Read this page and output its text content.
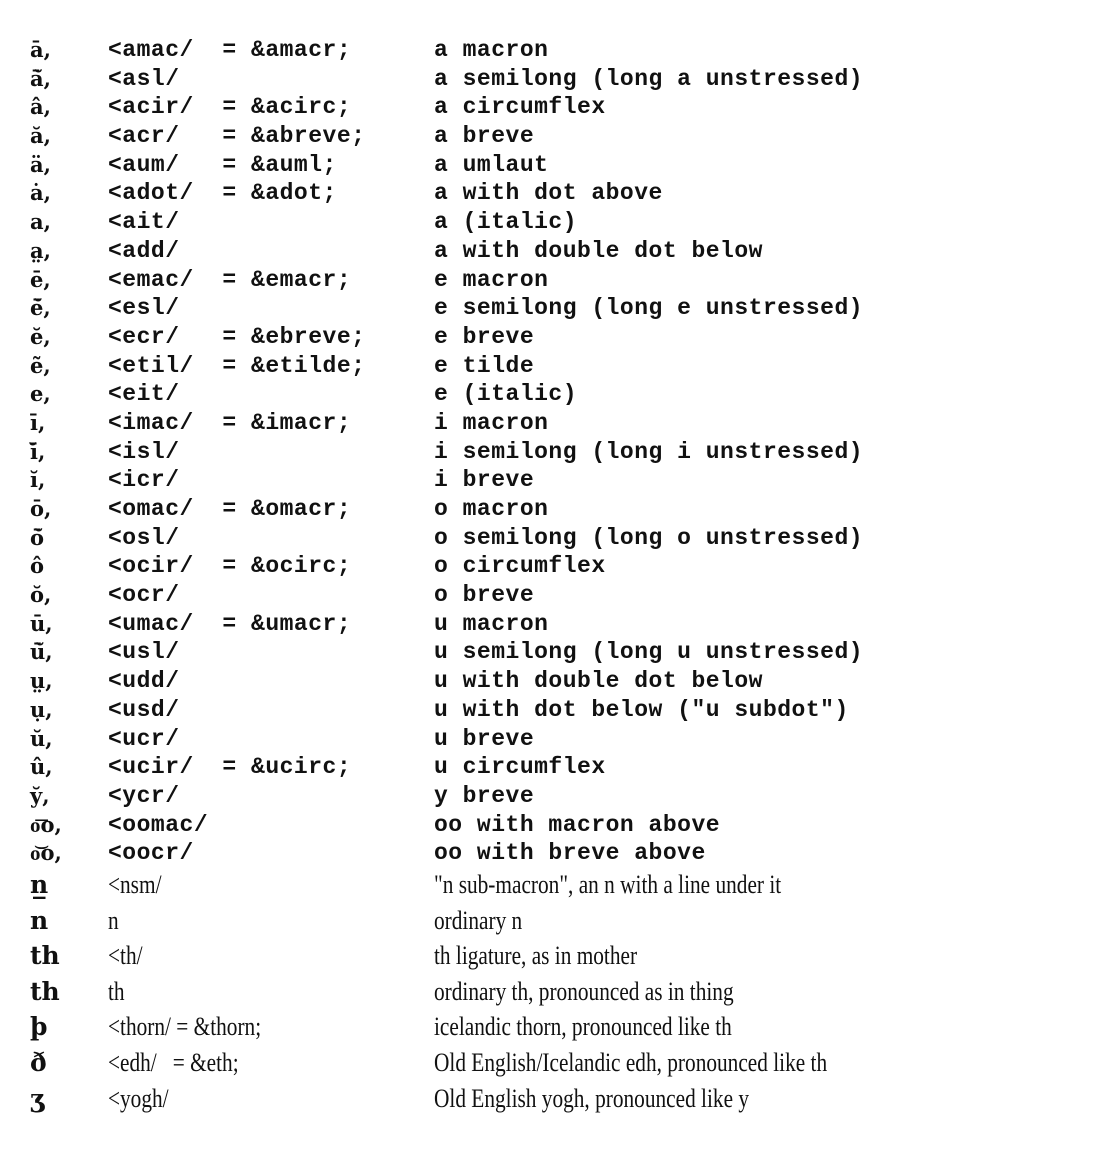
ā, <amac/  = &amacr;	a macron
ā̆, <asl/	a semilong (long a unstressed)
â, <acir/  = &acirc;	a circumflex
ă, <acr/   = &abreve;	a breve
ä, <aum/   = &auml;	a umlaut
ȧ, <adot/  = &adot;	a with dot above
a, <ait/	a (italic)
a̤, <add/	a with double dot below
ē, <emac/  = &emacr;	e macron
ē̆, <esl/	e semilong (long e unstressed)
ĕ, <ecr/   = &ebreve;	e breve
ẽ, <etil/  = &etilde;	e tilde
e, <eit/	e (italic)
ī,	<imac/  = &imacr;	i macron
ī̆,	<isl/	i semilong (long i unstressed)
ĭ,	<icr/	i breve
ō, <omac/  = &omacr;	o macron
ō̆	<osl/	o semilong (long o unstressed)
ô	<ocir/  = &ocirc;	o circumflex
ŏ, <ocr/	o breve
ū, <umac/  = &umacr;	u macron
ū̆, <usl/	u semilong (long u unstressed)
ṳ, <udd/	u with double dot below
ụ, <usd/	u with dot below ("u subdot")
ŭ, <ucr/	u breve
û, <ucir/  = &ucirc;	u circumflex
y̆,	<ycr/	y breve
o͞o, <oomac/	oo with macron above
o͝o, <oocr/	oo with breve above
n̲ <nsm/	"n sub-macron", an n with a line under it
n n	ordinary n
th <th/	th ligature, as in mother
th th	ordinary th, pronounced as in thing
þ <thorn/ = &thorn;	icelandic thorn, pronounced like th
ð <edh/   = &eth;	Old English/Icelandic edh, pronounced like th
ʒ <yogh/	Old English yogh, pronounced like y
